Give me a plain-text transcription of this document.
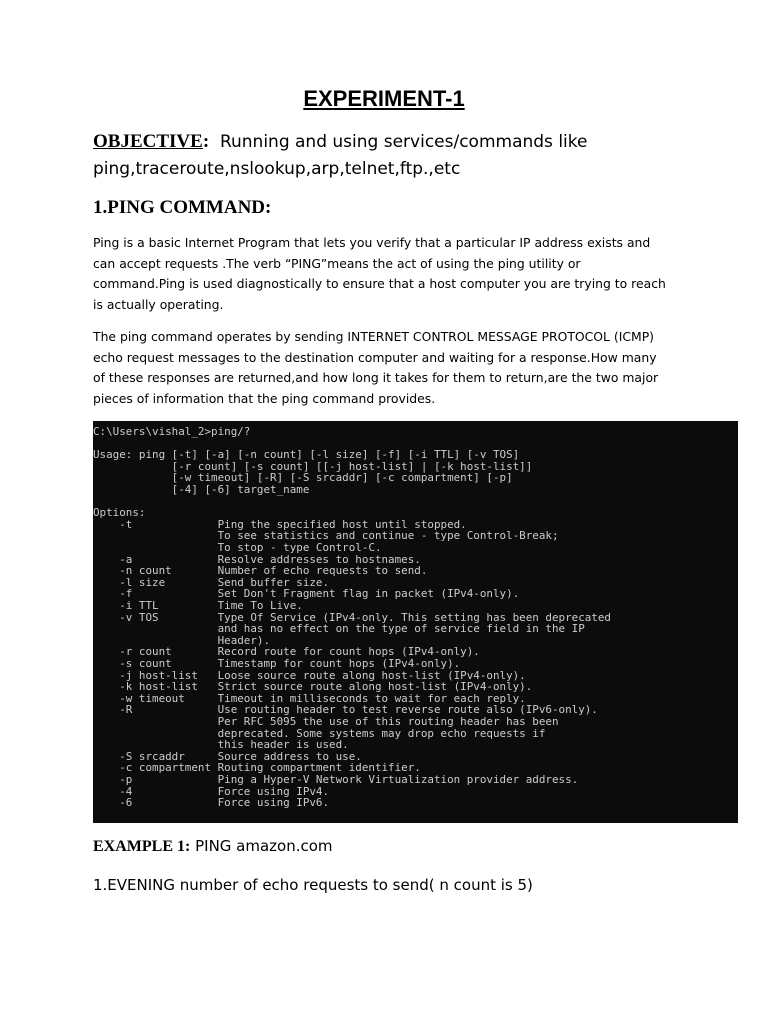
EXPERIMENT-1
OBJECTIVE: Running and using services/commands like
ping,traceroute,nslookup,arp,telnet,ftp.,etc
1.PING COMMAND:
Ping is a basic Internet Program that lets you verify that a particular IP address exists and
can accept requests .The verb “PING”means the act of using the ping utility or
command.Ping is used diagnostically to ensure that a host computer you are trying to reach
is actually operating.
The ping command operates by sending INTERNET CONTROL MESSAGE PROTOCOL (ICMP)
echo request messages to the destination computer and waiting for a response.How many
of these responses are returned,and how long it takes for them to return,are the two major
pieces of information that the ping command provides.
C:\Users\vishal_2>ping/?
Usage: ping [-t] [-a] [-n count] [-l size] [-f] [-i TTL] [-v TOS]
[-r count] [-s count] [[-j host-list] | [-k host-list]]
[-w timeout] [-R] [-S srcaddr] [-c compartment] [-p]
[-4] [-6] target_name
Options:
-t             Ping the specified host until stopped.
To see statistics and continue - type Control-Break;
To stop - type Control-C.
-a             Resolve addresses to hostnames.
-n count       Number of echo requests to send.
-l size        Send buffer size.
-f             Set Don't Fragment flag in packet (IPv4-only).
-i TTL         Time To Live.
-v TOS         Type Of Service (IPv4-only. This setting has been deprecated
and has no effect on the type of service field in the IP
Header).
-r count       Record route for count hops (IPv4-only).
-s count       Timestamp for count hops (IPv4-only).
-j host-list   Loose source route along host-list (IPv4-only).
-k host-list   Strict source route along host-list (IPv4-only).
-w timeout     Timeout in milliseconds to wait for each reply.
-R             Use routing header to test reverse route also (IPv6-only).
Per RFC 5095 the use of this routing header has been
deprecated. Some systems may drop echo requests if
this header is used.
-S srcaddr     Source address to use.
-c compartment Routing compartment identifier.
-p             Ping a Hyper-V Network Virtualization provider address.
-4             Force using IPv4.
-6             Force using IPv6.
EXAMPLE 1: PING amazon.com
1.EVENING number of echo requests to send( n count is 5)
